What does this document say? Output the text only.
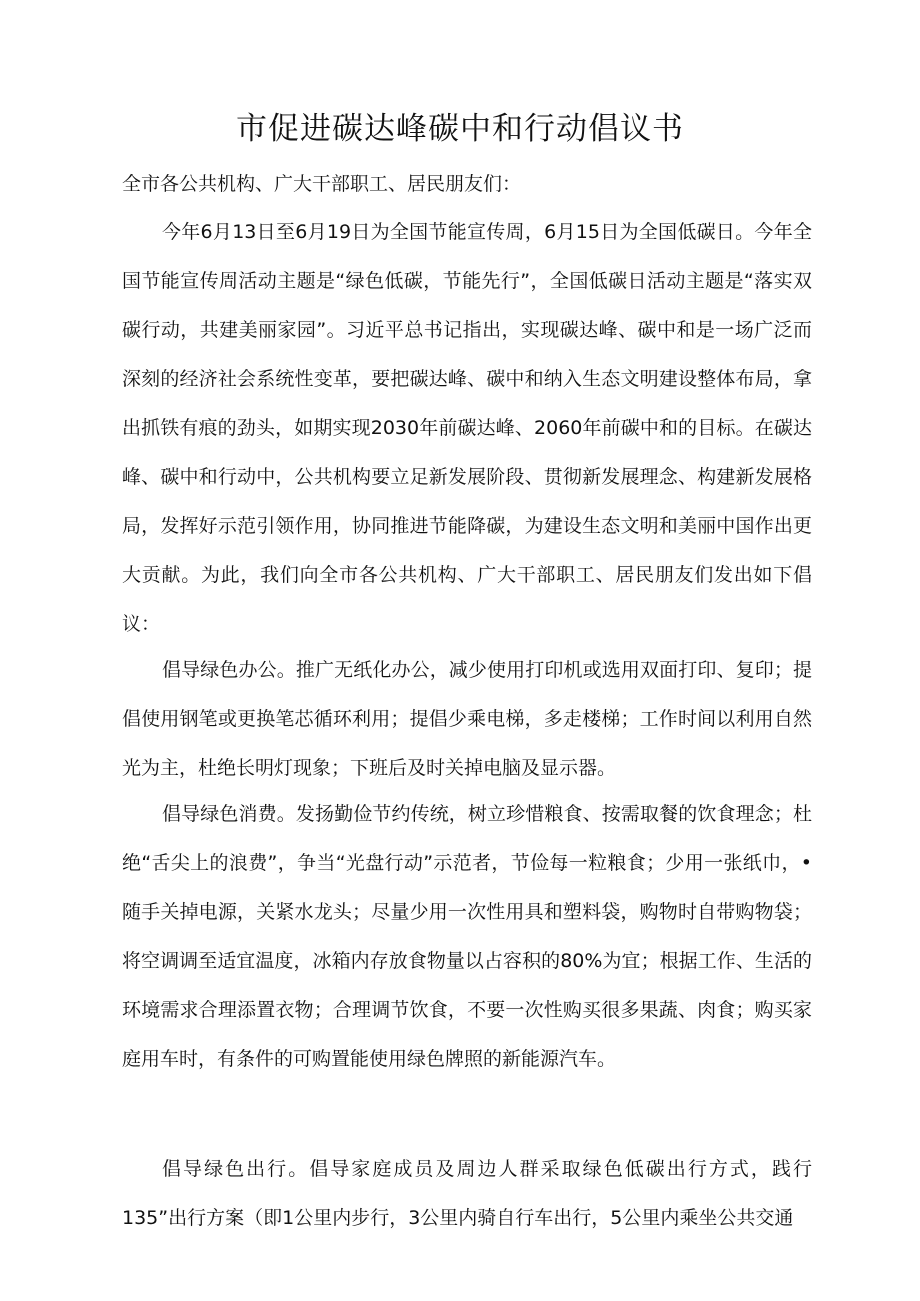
市促进碳达峰碳中和行动倡议书

全市各公共机构、广大干部职工、居民朋友们：

今年6月13日至6月19日为全国节能宣传周，6月15日为全国低碳日。今年全国节能宣传周活动主题是“绿色低碳，节能先行”，全国低碳日活动主题是“落实双碳行动，共建美丽家园”。习近平总书记指出，实现碳达峰、碳中和是一场广泛而深刻的经济社会系统性变革，要把碳达峰、碳中和纳入生态文明建设整体布局，拿出抓铁有痕的劲头，如期实现2030年前碳达峰、2060年前碳中和的目标。在碳达峰、碳中和行动中，公共机构要立足新发展阶段、贯彻新发展理念、构建新发展格局，发挥好示范引领作用，协同推进节能降碳，为建设生态文明和美丽中国作出更大贡献。为此，我们向全市各公共机构、广大干部职工、居民朋友们发出如下倡议：

倡导绿色办公。推广无纸化办公，减少使用打印机或选用双面打印、复印；提倡使用钢笔或更换笔芯循环利用；提倡少乘电梯，多走楼梯；工作时间以利用自然光为主，杜绝长明灯现象；下班后及时关掉电脑及显示器。

倡导绿色消费。发扬勤俭节约传统，树立珍惜粮食、按需取餐的饮食理念；杜绝“舌尖上的浪费”，争当“光盘行动”示范者，节俭每一粒粮食；少用一张纸巾，•随手关掉电源，关紧水龙头；尽量少用一次性用具和塑料袋，购物时自带购物袋；将空调调至适宜温度，冰箱内存放食物量以占容积的80%为宜；根据工作、生活的环境需求合理添置衣物；合理调节饮食，不要一次性购买很多果蔬、肉食；购买家庭用车时，有条件的可购置能使用绿色牌照的新能源汽车。

倡导绿色出行。倡导家庭成员及周边人群采取绿色低碳出行方式，践行135”出行方案（即1公里内步行，3公里内骑自行车出行，5公里内乘坐公共交通
